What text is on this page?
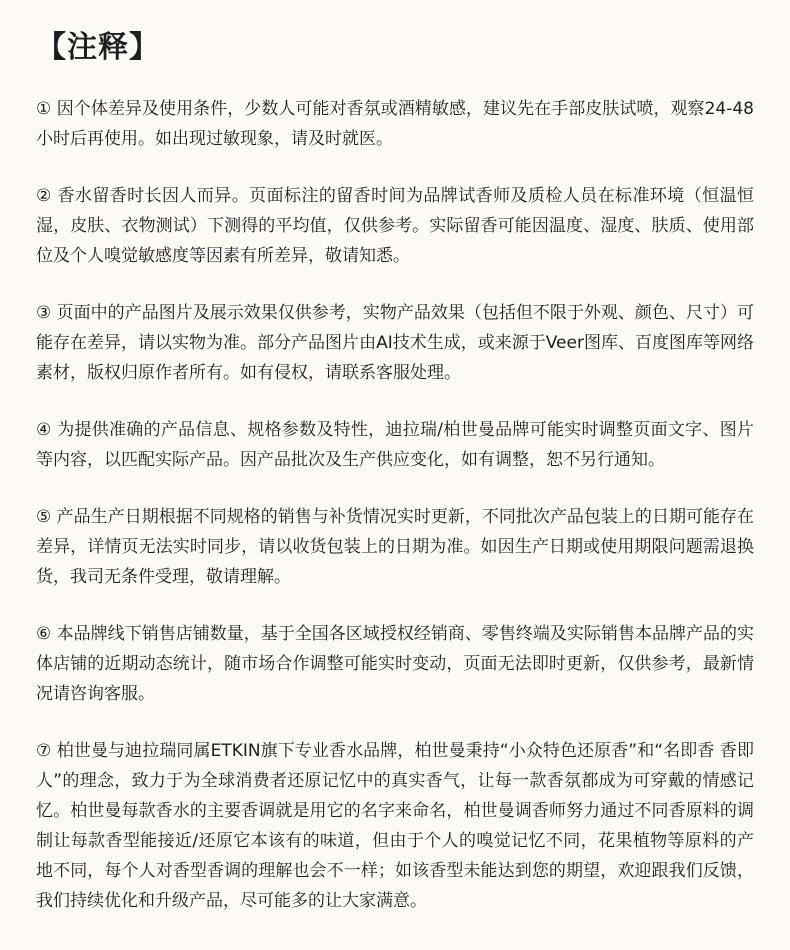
【注释】

① 因个体差异及使用条件，少数人可能对香氛或酒精敏感，建议先在手部皮肤试喷，观察24-48小时后再使用。如出现过敏现象，请及时就医。

② 香水留香时长因人而异。页面标注的留香时间为品牌试香师及质检人员在标准环境（恒温恒湿，皮肤、衣物测试）下测得的平均值，仅供参考。实际留香可能因温度、湿度、肤质、使用部位及个人嗅觉敏感度等因素有所差异，敬请知悉。

③ 页面中的产品图片及展示效果仅供参考，实物产品效果（包括但不限于外观、颜色、尺寸）可能存在差异，请以实物为准。部分产品图片由AI技术生成，或来源于Veer图库、百度图库等网络素材，版权归原作者所有。如有侵权，请联系客服处理。

④ 为提供准确的产品信息、规格参数及特性，迪拉瑞/柏世曼品牌可能实时调整页面文字、图片等内容，以匹配实际产品。因产品批次及生产供应变化，如有调整，恕不另行通知。

⑤ 产品生产日期根据不同规格的销售与补货情况实时更新，不同批次产品包装上的日期可能存在差异，详情页无法实时同步，请以收货包装上的日期为准。如因生产日期或使用期限问题需退换货，我司无条件受理，敬请理解。

⑥ 本品牌线下销售店铺数量，基于全国各区域授权经销商、零售终端及实际销售本品牌产品的实体店铺的近期动态统计，随市场合作调整可能实时变动，页面无法即时更新，仅供参考，最新情况请咨询客服。

⑦ 柏世曼与迪拉瑞同属ETKIN旗下专业香水品牌，柏世曼秉持“小众特色还原香”和“名即香 香即人”的理念，致力于为全球消费者还原记忆中的真实香气，让每一款香氛都成为可穿戴的情感记忆。柏世曼每款香水的主要香调就是用它的名字来命名，柏世曼调香师努力通过不同香原料的调制让每款香型能接近/还原它本该有的味道，但由于个人的嗅觉记忆不同，花果植物等原料的产地不同，每个人对香型香调的理解也会不一样；如该香型未能达到您的期望，欢迎跟我们反馈，我们持续优化和升级产品，尽可能多的让大家满意。
